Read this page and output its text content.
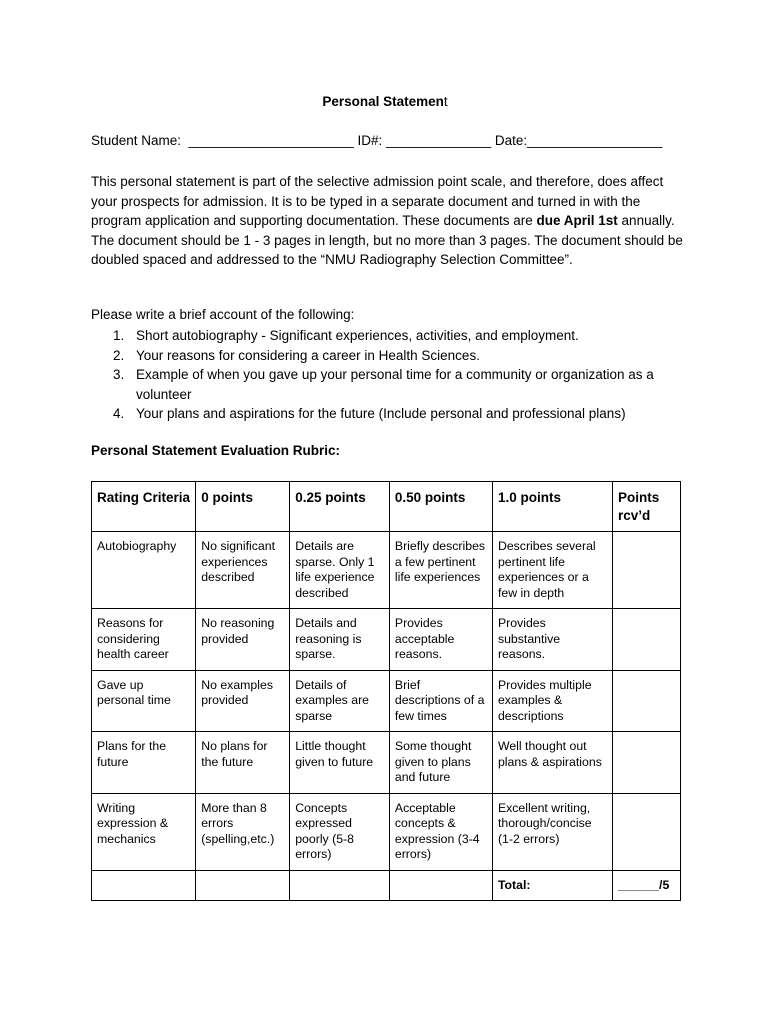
Personal Statement
Student Name:  ______________________ ID#: ______________ Date:__________________
This personal statement is part of the selective admission point scale, and therefore, does affect your prospects for admission. It is to be typed in a separate document and turned in with the program application and supporting documentation. These documents are due April 1st annually. The document should be 1 - 3 pages in length, but no more than 3 pages. The document should be doubled spaced and addressed to the “NMU Radiography Selection Committee”.
Please write a brief account of the following:
1. Short autobiography - Significant experiences, activities, and employment.
2. Your reasons for considering a career in Health Sciences.
3. Example of when you gave up your personal time for a community or organization as a volunteer
4. Your plans and aspirations for the future (Include personal and professional plans)
Personal Statement Evaluation Rubric:
Rating Criteria	0 points	0.25 points	0.50 points	1.0 points	Points rcv’d
Autobiography	No significant experiences described	Details are sparse. Only 1 life experience described	Briefly describes a few pertinent life experiences	Describes several pertinent life experiences or a few in depth	
Reasons for considering health career	No reasoning provided	Details and reasoning is sparse.	Provides acceptable reasons.	Provides substantive reasons.	
Gave up personal time	No examples provided	Details of examples are sparse	Brief descriptions of a few times	Provides multiple examples & descriptions	
Plans for the future	No plans for the future	Little thought given to future	Some thought given to plans and future	Well thought out plans & aspirations	
Writing expression & mechanics	More than 8 errors (spelling,etc.)	Concepts expressed poorly (5-8 errors)	Acceptable concepts & expression (3-4 errors)	Excellent writing, thorough/concise (1-2 errors)	
				Total:	______/5
